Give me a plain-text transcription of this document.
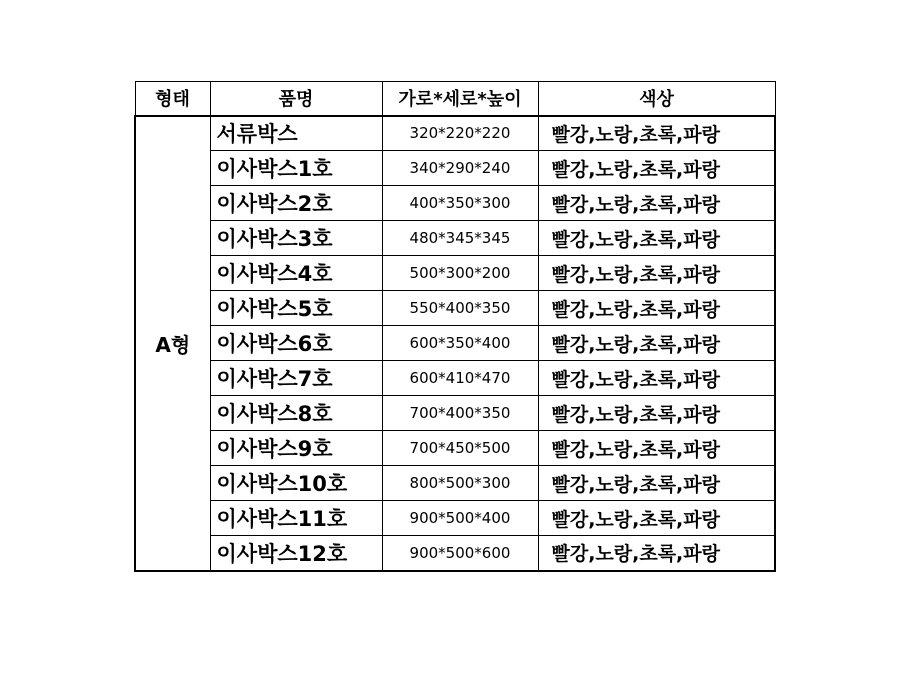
형태	품명	가로*세로*높이	색상
A형	서류박스	320*220*220	빨강,노랑,초록,파랑
	이사박스1호	340*290*240	빨강,노랑,초록,파랑
	이사박스2호	400*350*300	빨강,노랑,초록,파랑
	이사박스3호	480*345*345	빨강,노랑,초록,파랑
	이사박스4호	500*300*200	빨강,노랑,초록,파랑
	이사박스5호	550*400*350	빨강,노랑,초록,파랑
	이사박스6호	600*350*400	빨강,노랑,초록,파랑
	이사박스7호	600*410*470	빨강,노랑,초록,파랑
	이사박스8호	700*400*350	빨강,노랑,초록,파랑
	이사박스9호	700*450*500	빨강,노랑,초록,파랑
	이사박스10호	800*500*300	빨강,노랑,초록,파랑
	이사박스11호	900*500*400	빨강,노랑,초록,파랑
	이사박스12호	900*500*600	빨강,노랑,초록,파랑
